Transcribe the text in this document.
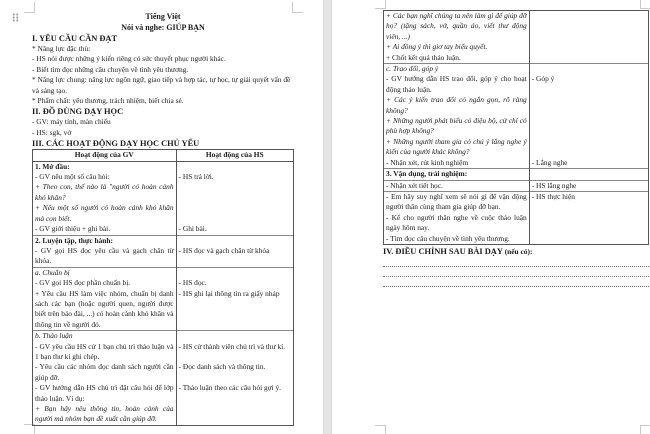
Tiếng Việt
Nói và nghe: GIÚP BẠN
I. YÊU CẦU CẦN ĐẠT

* Năng lực đặc thù:

- HS nói được những ý kiến riêng có sức thuyết phục người khác.

- Biết tìm đọc những câu chuyện về tình yêu thương.

* Năng lực chung: năng lực ngôn ngữ, giao tiếp và hợp tác, tự học, tự giải quyết vấn đề và sáng tạo.

* Phẩm chất: yêu thương, trách nhiệm, biết chia sẻ.

II. ĐỒ DÙNG DẠY HỌC

- GV: máy tính, màn chiếu

- HS: sgk, vở

III. CÁC HOẠT ĐỘNG DẠY HỌC CHỦ YẾU
Hoạt động của GV	Hoạt động của HS
1. Mở đầu:	
- GV nêu một số câu hỏi:	- HS trả lời.
+ Theo con, thế nào là "người có hoàn cảnh khó khăn?	
+ Nêu một số người có hoàn cảnh khó khăn mà con biết.	
- GV giới thiệu + ghi bài.	- Ghi bài.
2. Luyện tập, thực hành:	
- GV gọi HS đọc yêu cầu và gạch chân từ khóa.	- HS đọc và gạch chân từ khóa
a. Chuẩn bị	
- GV gọi HS đọc phần chuẩn bị.	- HS đọc.
+ Yêu cầu HS làm việc nhóm, chuẩn bị danh sách các bạn (hoặc người quen, người được biết trên báo đài, ...) có hoàn cảnh khó khăn và thông tin về người đó.	- HS ghi lại thông tin ra giấy nháp
b. Thảo luận	
- GV yêu cầu HS cử 1 bạn chủ trì thảo luận và 1 bạn thư kí ghi chép.	- HS cử thành viên chủ trì và thư kí.
- Yêu cầu các nhóm đọc danh sách người cần giúp đỡ.	- Đọc danh sách và thông tin.
- GV hướng dẫn HS chủ trì đặt câu hỏi để lớp thảo luận. Ví dụ:	- Thảo luận theo các câu hỏi gợi ý.
+ Bạn hãy nêu thông tin, hoàn cảnh của người mà nhóm bạn đề xuất cần giúp đỡ.	
+ Các bạn nghĩ chúng ta nên làm gì để giúp đỡ họ? (tặng sách, vở, quần áo, viết thư động viên, ...)	
+ Ai đồng ý thì giơ tay biểu quyết.	
+ Chốt kết quả thảo luận.	
c. Trao đổi, góp ý	
- GV hướng dẫn HS trao đổi, góp ý cho hoạt động thảo luận.	- Góp ý
+ Các ý kiến trao đổi có ngắn gọn, rõ ràng không?	
+ Những người phát biểu có điệu bộ, cử chỉ có phù hợp không?	
+ Những người tham gia có chú ý lắng nghe ý kiến của người khác không?	
- Nhận xét, rút kinh nghiệm	- Lắng nghe
3. Vận dụng, trải nghiệm:	
- Nhận xét tiết học.	- HS lắng nghe
- Em hãy suy nghĩ xem sẽ nói gì để vận động người thân cùng tham gia giúp đỡ bạn.	- HS thực hiện
- Kể cho người thân nghe về cuộc thảo luận ngày hôm nay.	
- Tìm đọc câu chuyện về tình yêu thương.	
IV. ĐIỀU CHỈNH SAU BÀI DẠY (nếu có):
